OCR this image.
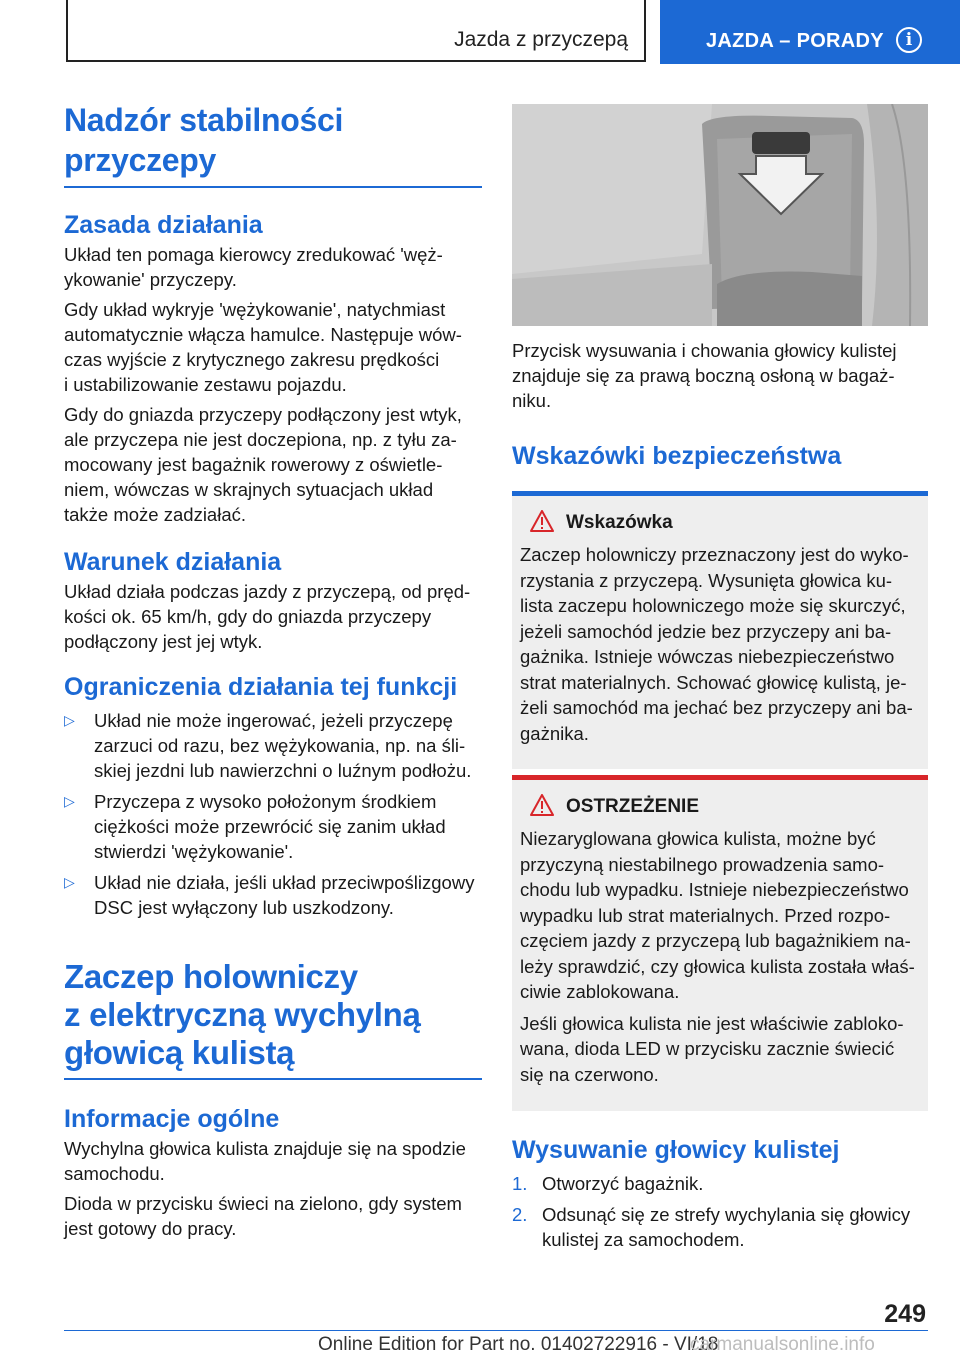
Jazda z przyczepą	JAZDA – PORADY	i
Nadzór stabilności
przyczepy
Zasada działania

Układ ten pomaga kierowcy zredukować 'węż-
ykowanie' przyczepy.

Gdy układ wykryje 'wężykowanie', natychmiast
automatycznie włącza hamulce. Następuje wów-
czas wyjście z krytycznego zakresu prędkości
i ustabilizowanie zestawu pojazdu.

Gdy do gniazda przyczepy podłączony jest wtyk,
ale przyczepa nie jest doczepiona, np. z tyłu za-
mocowany jest bagażnik rowerowy z oświetle-
niem, wówczas w skrajnych sytuacjach układ
także może zadziałać.

Warunek działania

Układ działa podczas jazdy z przyczepą, od pręd-
kości ok. 65 km/h, gdy do gniazda przyczepy
podłączony jest jej wtyk.

Ograniczenia działania tej funkcji
▷ Układ nie może ingerować, jeżeli przyczepę
zarzuci od razu, bez wężykowania, np. na śli-
skiej jezdni lub nawierzchni o luźnym podłożu.
▷ Przyczepa z wysoko położonym środkiem
ciężkości może przewrócić się zanim układ
stwierdzi 'wężykowanie'.
▷ Układ nie działa, jeśli układ przeciwpoślizgowy
DSC jest wyłączony lub uszkodzony.
Zaczep holowniczy
z elektryczną wychylną
głowicą kulistą
Informacje ogólne

Wychylna głowica kulista znajduje się na spodzie
samochodu.

Dioda w przycisku świeci na zielono, gdy system
jest gotowy do pracy.

Przycisk wysuwania i chowania głowicy kulistej
znajduje się za prawą boczną osłoną w bagaż-
niku.

Wskazówki bezpieczeństwa
Wskazówka

Zaczep holowniczy przeznaczony jest do wyko-
rzystania z przyczepą. Wysunięta głowica ku-
lista zaczepu holowniczego może się skurczyć,
jeżeli samochód jedzie bez przyczepy ani ba-
gażnika. Istnieje wówczas niebezpieczeństwo
strat materialnych. Schować głowicę kulistą, je-
żeli samochód ma jechać bez przyczepy ani ba-
gażnika.

OSTRZEŻENIE

Niezaryglowana głowica kulista, możne być
przyczyną niestabilnego prowadzenia samo-
chodu lub wypadku. Istnieje niebezpieczeństwo
wypadku lub strat materialnych. Przed rozpo-
częciem jazdy z przyczepą lub bagażnikiem na-
leży sprawdzić, czy głowica kulista została właś-
ciwie zablokowana.

Jeśli głowica kulista nie jest właściwie zabloko-
wana, dioda LED w przycisku zacznie świecić
się na czerwono.

Wysuwanie głowicy kulistej
1. Otworzyć bagażnik.
2. Odsunąć się ze strefy wychylania się głowicy
kulistej za samochodem.
249
Online Edition for Part no. 01402722916 - VI/18
carmanualsonline.info
